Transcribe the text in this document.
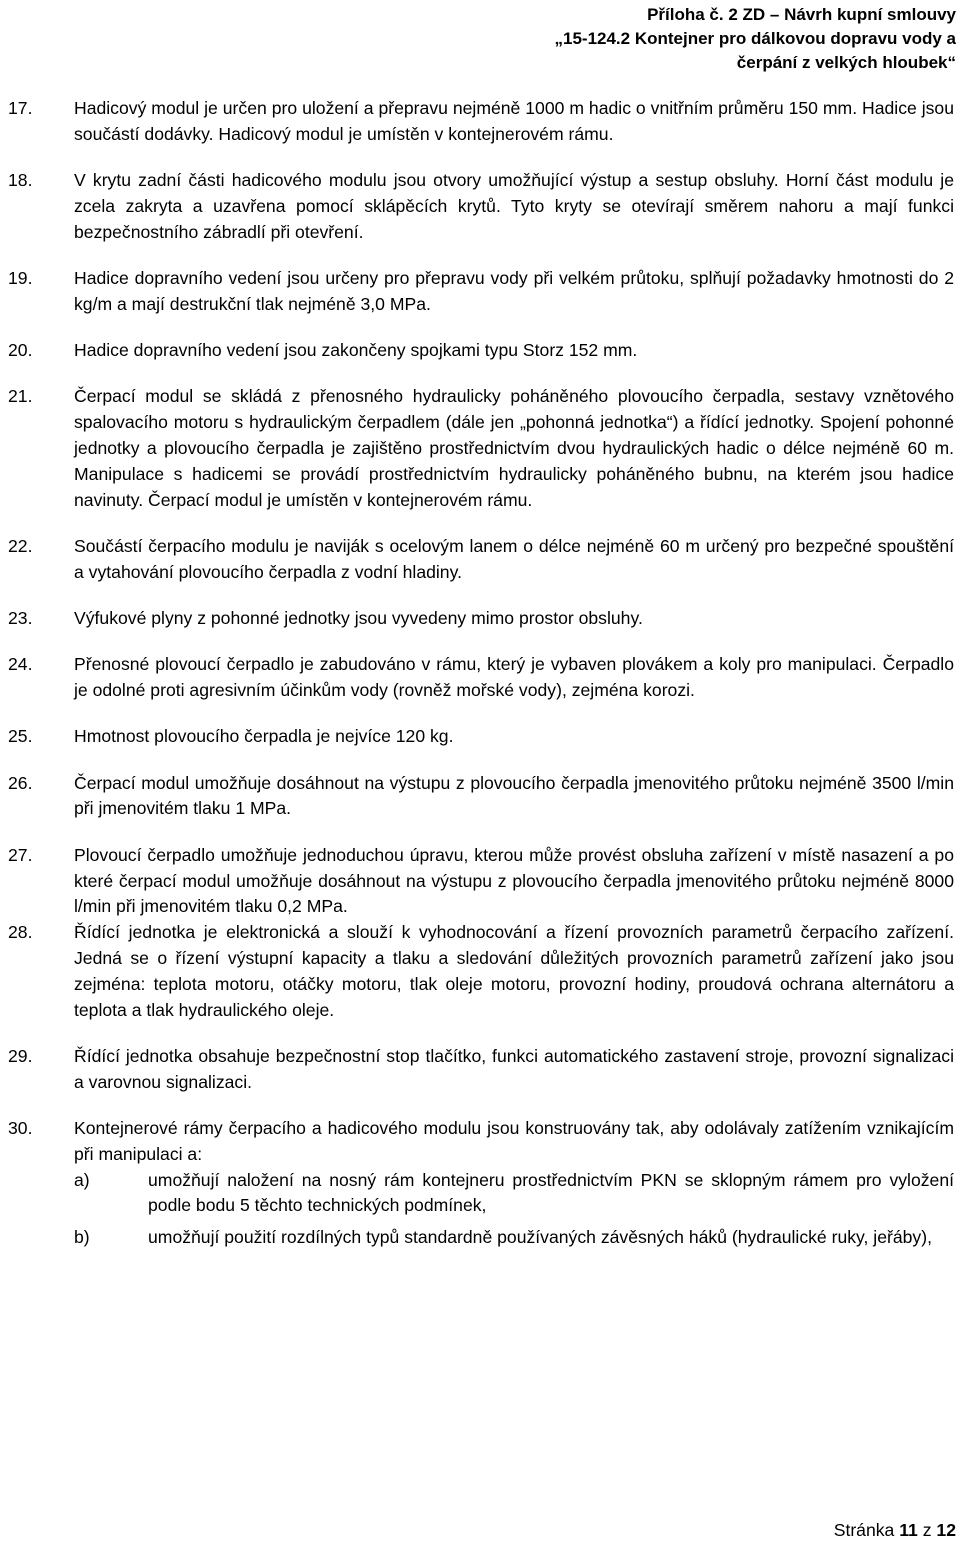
Příloha č. 2 ZD – Návrh kupní smlouvy
„15-124.2 Kontejner pro dálkovou dopravu vody a
čerpání z velkých hloubek“
17. Hadicový modul je určen pro uložení a přepravu nejméně 1000 m hadic o vnitřním průměru 150 mm. Hadice jsou součástí dodávky. Hadicový modul je umístěn v kontejnerovém rámu.
18. V krytu zadní části hadicového modulu jsou otvory umožňující výstup a sestup obsluhy. Horní část modulu je zcela zakryta a uzavřena pomocí sklápěcích krytů. Tyto kryty se otevírají směrem nahoru a mají funkci bezpečnostního zábradlí při otevření.
19. Hadice dopravního vedení jsou určeny pro přepravu vody při velkém průtoku, splňují požadavky hmotnosti do 2 kg/m a mají destrukční tlak nejméně 3,0 MPa.
20. Hadice dopravního vedení jsou zakončeny spojkami typu Storz 152 mm.
21. Čerpací modul se skládá z přenosného hydraulicky poháněného plovoucího čerpadla, sestavy vznětového spalovacího motoru s hydraulickým čerpadlem (dále jen „pohonná jednotka“) a řídící jednotky. Spojení pohonné jednotky a plovoucího čerpadla je zajištěno prostřednictvím dvou hydraulických hadic o délce nejméně 60 m. Manipulace s hadicemi se provádí prostřednictvím hydraulicky poháněného bubnu, na kterém jsou hadice navinuty. Čerpací modul je umístěn v kontejnerovém rámu.
22. Součástí čerpacího modulu je naviják s ocelovým lanem o délce nejméně 60 m určený pro bezpečné spouštění a vytahování plovoucího čerpadla z vodní hladiny.
23. Výfukové plyny z pohonné jednotky jsou vyvedeny mimo prostor obsluhy.
24. Přenosné plovoucí čerpadlo je zabudováno v rámu, který je vybaven plovákem a koly pro manipulaci. Čerpadlo je odolné proti agresivním účinkům vody (rovněž mořské vody), zejména korozi.
25. Hmotnost plovoucího čerpadla je nejvíce 120 kg.
26. Čerpací modul umožňuje dosáhnout na výstupu z plovoucího čerpadla jmenovitého průtoku nejméně 3500 l/min při jmenovitém tlaku 1 MPa.
27. Plovoucí čerpadlo umožňuje jednoduchou úpravu, kterou může provést obsluha zařízení v místě nasazení a po které čerpací modul umožňuje dosáhnout na výstupu z plovoucího čerpadla jmenovitého průtoku nejméně 8000 l/min při jmenovitém tlaku 0,2 MPa.
28. Řídící jednotka je elektronická a slouží k vyhodnocování a řízení provozních parametrů čerpacího zařízení. Jedná se o řízení výstupní kapacity a tlaku a sledování důležitých provozních parametrů zařízení jako jsou zejména: teplota motoru, otáčky motoru, tlak oleje motoru, provozní hodiny, proudová ochrana alternátoru a teplota a tlak hydraulického oleje.
29. Řídící jednotka obsahuje bezpečnostní stop tlačítko, funkci automatického zastavení stroje, provozní signalizaci a varovnou signalizaci.
30. Kontejnerové rámy čerpacího a hadicového modulu jsou konstruovány tak, aby odolávaly zatížením vznikajícím při manipulaci a:
a)	umožňují naložení na nosný rám kontejneru prostřednictvím PKN se sklopným rámem pro vyložení podle bodu 5 těchto technických podmínek,
b)	umožňují použití rozdílných typů standardně používaných závěsných háků (hydraulické ruky, jeřáby),
Stránka 11 z 12
